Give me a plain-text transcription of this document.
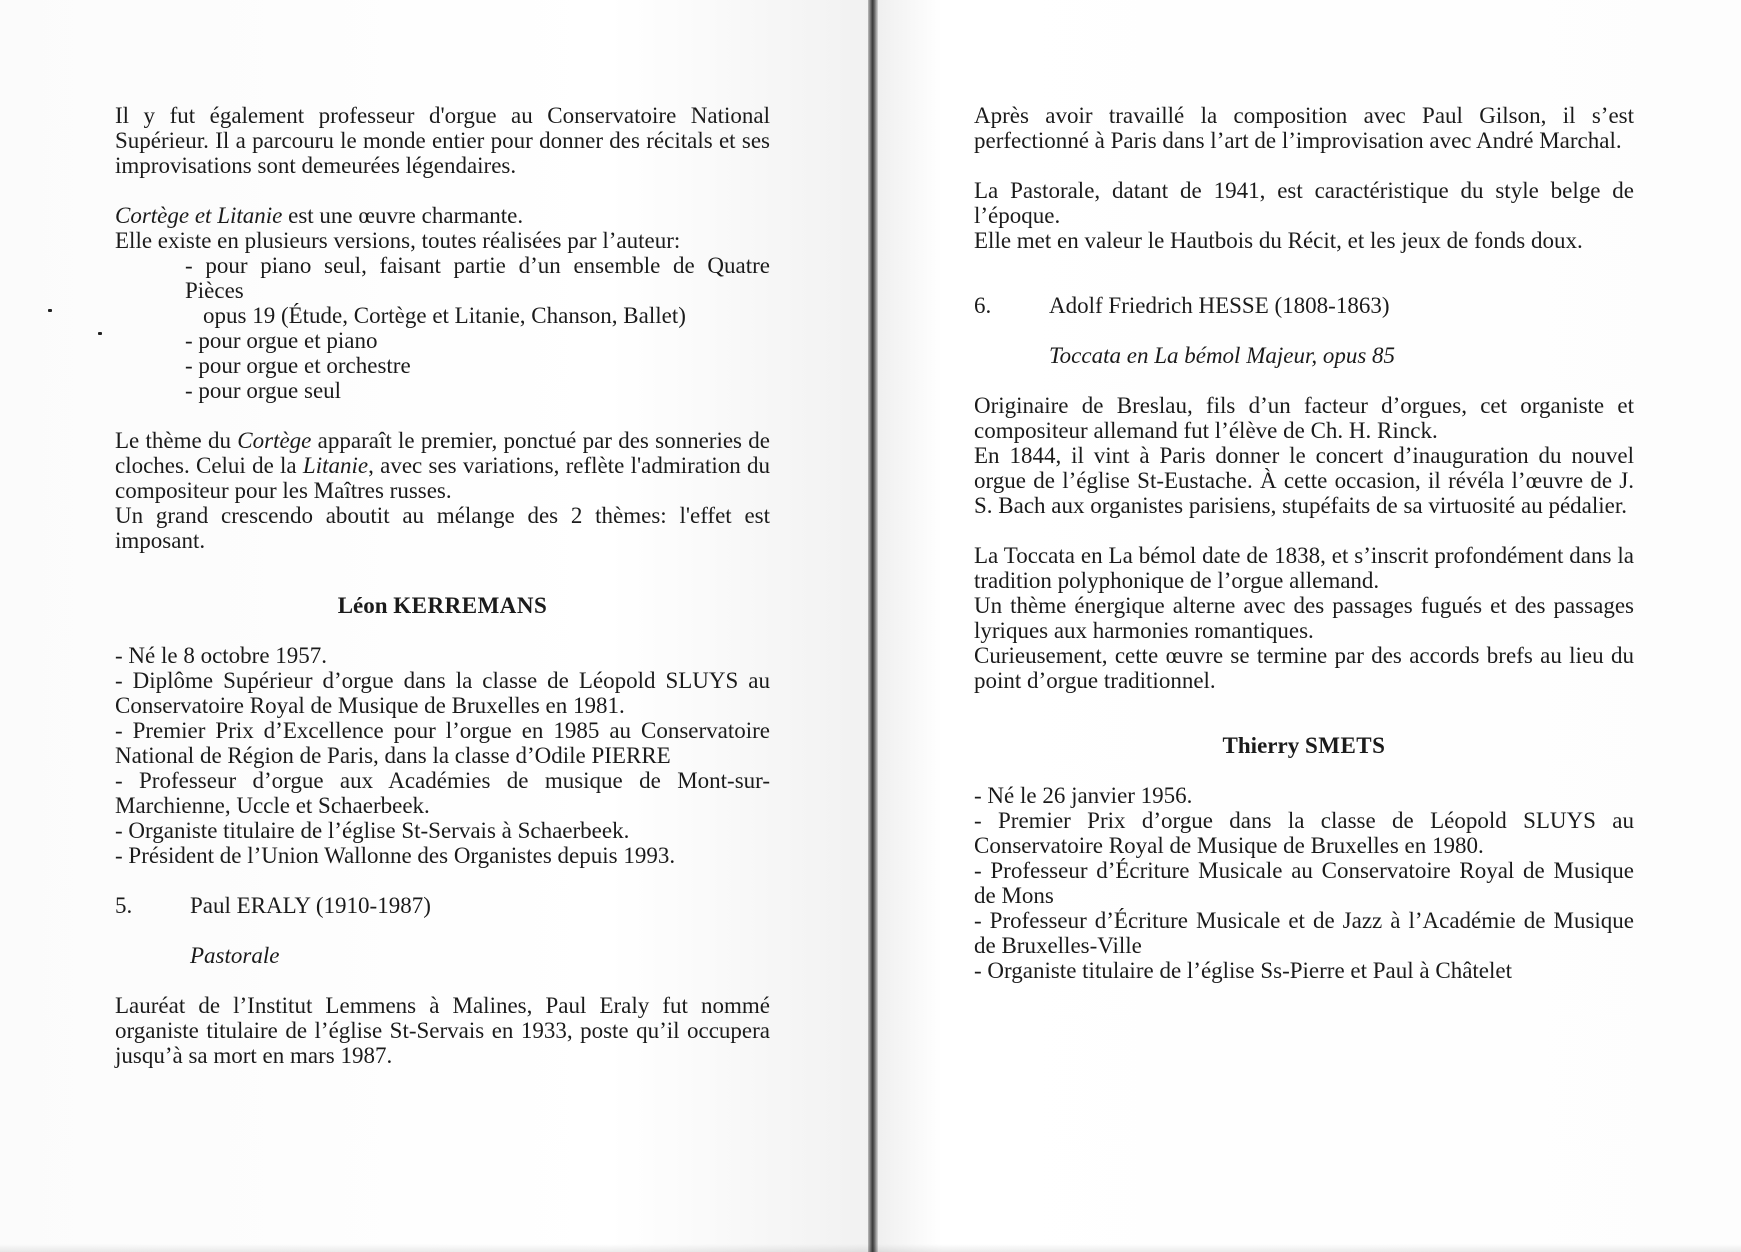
Il y fut également professeur d'orgue au Conservatoire National Supérieur. Il a parcouru le monde entier pour donner des récitals et ses improvisations sont demeurées légendaires.

Cortège et Litanie est une œuvre charmante.

Elle existe en plusieurs versions, toutes réalisées par l’auteur:

- pour piano seul, faisant partie d’un ensemble de Quatre Pièces

opus 19 (Étude, Cortège et Litanie, Chanson, Ballet)

- pour orgue et piano

- pour orgue et orchestre

- pour orgue seul

Le thème du Cortège apparaît le premier, ponctué par des sonneries de cloches. Celui de la Litanie, avec ses variations, reflète l'admiration du compositeur pour les Maîtres russes.

Un grand crescendo aboutit au mélange des 2 thèmes: l'effet est imposant.

Léon KERREMANS

- Né le 8 octobre 1957.

- Diplôme Supérieur d’orgue dans la classe de Léopold SLUYS au Conservatoire Royal de Musique de Bruxelles en 1981.

- Premier Prix d’Excellence pour l’orgue en 1985 au Conservatoire National de Région de Paris, dans la classe d’Odile PIERRE

- Professeur d’orgue aux Académies de musique de Mont-sur-Marchienne, Uccle et Schaerbeek.

- Organiste titulaire de l’église St-Servais à Schaerbeek.

- Président de l’Union Wallonne des Organistes depuis 1993.

5.	Paul ERALY (1910-1987)

Pastorale

Lauréat de l’Institut Lemmens à Malines, Paul Eraly fut nommé organiste titulaire de l’église St-Servais en 1933, poste qu’il occupera jusqu’à sa mort en mars 1987.

Après avoir travaillé la composition avec Paul Gilson, il s’est perfectionné à Paris dans l’art de l’improvisation avec André Marchal.

La Pastorale, datant de 1941, est caractéristique du style belge de l’époque.

Elle met en valeur le Hautbois du Récit, et les jeux de fonds doux.

6.	Adolf Friedrich HESSE (1808-1863)

Toccata en La bémol Majeur, opus 85

Originaire de Breslau, fils d’un facteur d’orgues, cet organiste et compositeur allemand fut l’élève de Ch. H. Rinck.

En 1844, il vint à Paris donner le concert d’inauguration du nouvel orgue de l’église St-Eustache. À cette occasion, il révéla l’œuvre de J. S. Bach aux organistes parisiens, stupéfaits de sa virtuosité au pédalier.

La Toccata en La bémol date de 1838, et s’inscrit profondément dans la tradition polyphonique de l’orgue allemand.

Un thème énergique alterne avec des passages fugués et des passages lyriques aux harmonies romantiques.

Curieusement, cette œuvre se termine par des accords brefs au lieu du point d’orgue traditionnel.

Thierry SMETS

- Né le 26 janvier 1956.

- Premier Prix d’orgue dans la classe de Léopold SLUYS au Conservatoire Royal de Musique de Bruxelles en 1980.

- Professeur d’Écriture Musicale au Conservatoire Royal de Musique de Mons

- Professeur d’Écriture Musicale et de Jazz à l’Académie de Musique de Bruxelles-Ville

- Organiste titulaire de l’église Ss-Pierre et Paul à Châtelet
